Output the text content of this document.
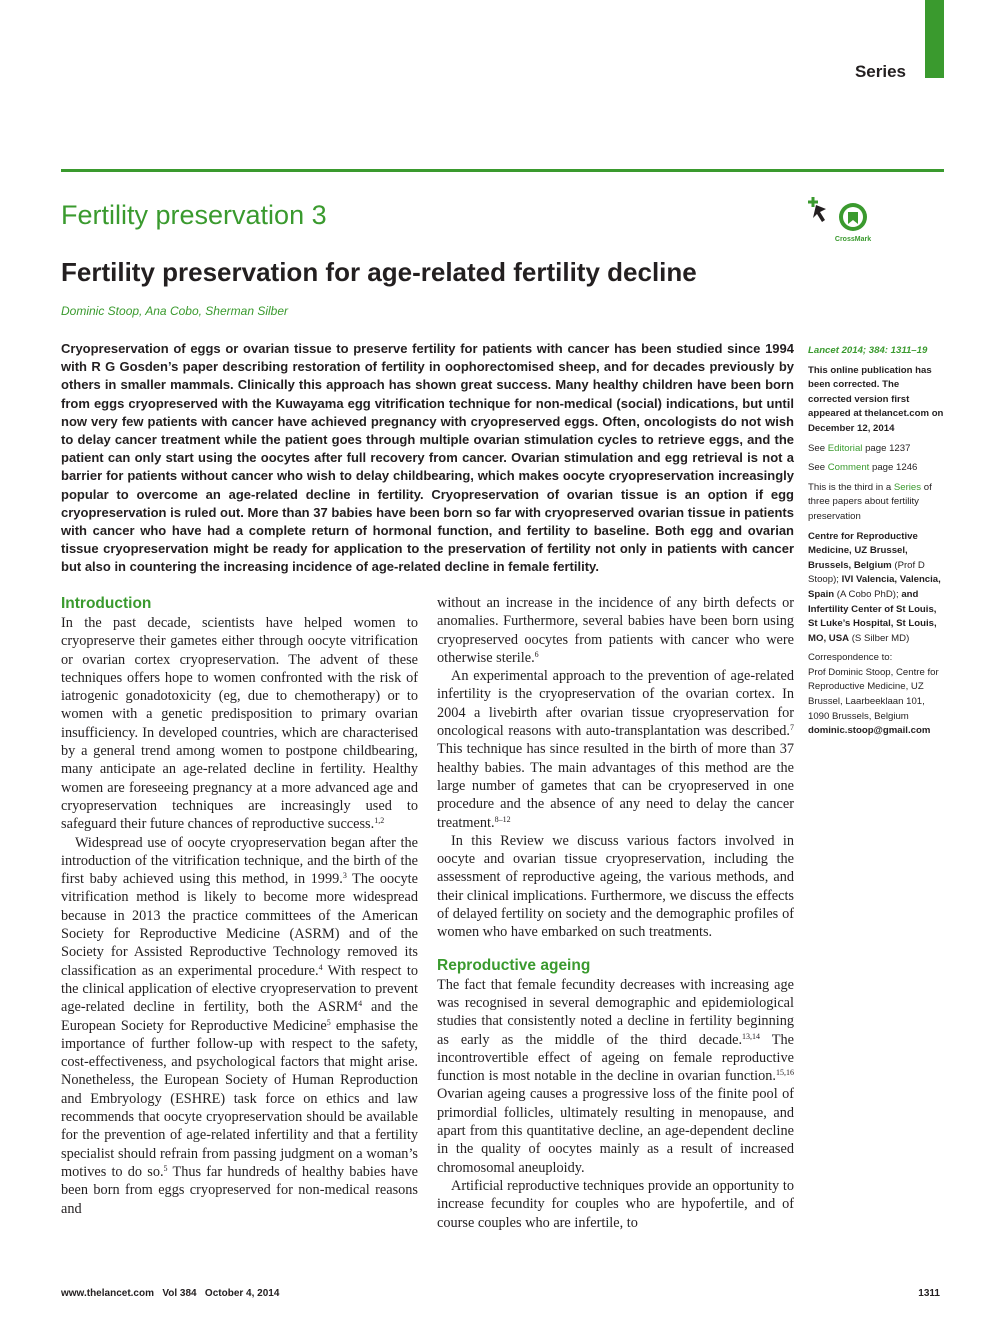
Series
Fertility preservation 3
CrossMark
Fertility preservation for age-related fertility decline
Dominic Stoop, Ana Cobo, Sherman Silber
Cryopreservation of eggs or ovarian tissue to preserve fertility for patients with cancer has been studied since 1994 with R G Gosden’s paper describing restoration of fertility in oophorectomised sheep, and for decades previously by others in smaller mammals. Clinically this approach has shown great success. Many healthy children have been born from eggs cryopreserved with the Kuwayama egg vitrification technique for non-medical (social) indications, but until now very few patients with cancer have achieved pregnancy with cryopreserved eggs. Often, oncologists do not wish to delay cancer treatment while the patient goes through multiple ovarian stimulation cycles to retrieve eggs, and the patient can only start using the oocytes after full recovery from cancer. Ovarian stimulation and egg retrieval is not a barrier for patients without cancer who wish to delay childbearing, which makes oocyte cryopreservation increasingly popular to overcome an age-related decline in fertility. Cryopreservation of ovarian tissue is an option if egg cryopreservation is ruled out. More than 37 babies have been born so far with cryopreserved ovarian tissue in patients with cancer who have had a complete return of hormonal function, and fertility to baseline. Both egg and ovarian tissue cryopreservation might be ready for application to the preservation of fertility not only in patients with cancer but also in countering the increasing incidence of age-related decline in female fertility.
Introduction

In the past decade, scientists have helped women to cryopreserve their gametes either through oocyte vitrification or ovarian cortex cryopreservation. The advent of these techniques offers hope to women confronted with the risk of iatrogenic gonadotoxicity (eg, due to chemotherapy) or to women with a genetic predisposition to primary ovarian insufficiency. In developed countries, which are characterised by a general trend among women to postpone childbearing, many anticipate an age-related decline in fertility. Healthy women are foreseeing pregnancy at a more advanced age and cryopreservation techniques are increasingly used to safeguard their future chances of reproductive success.$^{1,2}$

Widespread use of oocyte cryopreservation began after the introduction of the vitrification technique, and the birth of the first baby achieved using this method, in 1999.$^3$ The oocyte vitrification method is likely to become more widespread because in 2013 the practice committees of the American Society for Reproductive Medicine (ASRM) and of the Society for Assisted Reproductive Technology removed its classification as an experimental procedure.$^4$ With respect to the clinical application of elective cryopreservation to prevent age-related decline in fertility, both the ASRM$^4$ and the European Society for Reproductive Medicine$^5$ emphasise the importance of further follow-up with respect to the safety, cost-effectiveness, and psychological factors that might arise. Nonetheless, the European Society of Human Reproduction and Embryology (ESHRE) task force on ethics and law recommends that oocyte cryopreservation should be available for the prevention of age-related infertility and that a fertility specialist should refrain from passing judgment on a woman’s motives to do so.$^5$ Thus far hundreds of healthy babies have been born from eggs cryopreserved for non-medical reasons and

without an increase in the incidence of any birth defects or anomalies. Furthermore, several babies have been born using cryopreserved oocytes from patients with cancer who were otherwise sterile.$^6$

An experimental approach to the prevention of age-related infertility is the cryopreservation of the ovarian cortex. In 2004 a livebirth after ovarian tissue cryopreservation for oncological reasons with auto-transplantation was described.$^7$ This technique has since resulted in the birth of more than 37 healthy babies. The main advantages of this method are the large number of gametes that can be cryopreserved in one procedure and the absence of any need to delay the cancer treatment.$^{8-12}$

In this Review we discuss various factors involved in oocyte and ovarian tissue cryopreservation, including the assessment of reproductive ageing, the various methods, and their clinical implications. Furthermore, we discuss the effects of delayed fertility on society and the demographic profiles of women who have embarked on such treatments.

Reproductive ageing

The fact that female fecundity decreases with increasing age was recognised in several demographic and epidemiological studies that consistently noted a decline in fertility beginning as early as the middle of the third decade.$^{13,14}$ The incontrovertible effect of ageing on female reproductive function is most notable in the decline in ovarian function.$^{15,16}$ Ovarian ageing causes a progressive loss of the finite pool of primordial follicles, ultimately resulting in menopause, and apart from this quantitative decline, an age-dependent decline in the quality of oocytes mainly as a result of increased chromosomal aneuploidy.

Artificial reproductive techniques provide an opportunity to increase fecundity for couples who are hypofertile, and of course couples who are infertile, to

Lancet 2014; 384: 1311–19

This online publication has been corrected. The corrected version first appeared at thelancet.com on December 12, 2014

See Editorial page 1237

See Comment page 1246

This is the third in a Series of three papers about fertility preservation

Centre for Reproductive Medicine, UZ Brussel, Brussels, Belgium (Prof D Stoop); IVI Valencia, Valencia, Spain (A Cobo PhD); and Infertility Center of St Louis, St Luke’s Hospital, St Louis, MO, USA (S Silber MD)

Correspondence to:
Prof Dominic Stoop, Centre for Reproductive Medicine, UZ Brussel, Laarbeeklaan 101, 1090 Brussels, Belgium
dominic.stoop@gmail.com

www.thelancet.com   Vol 384   October 4, 2014	1311
